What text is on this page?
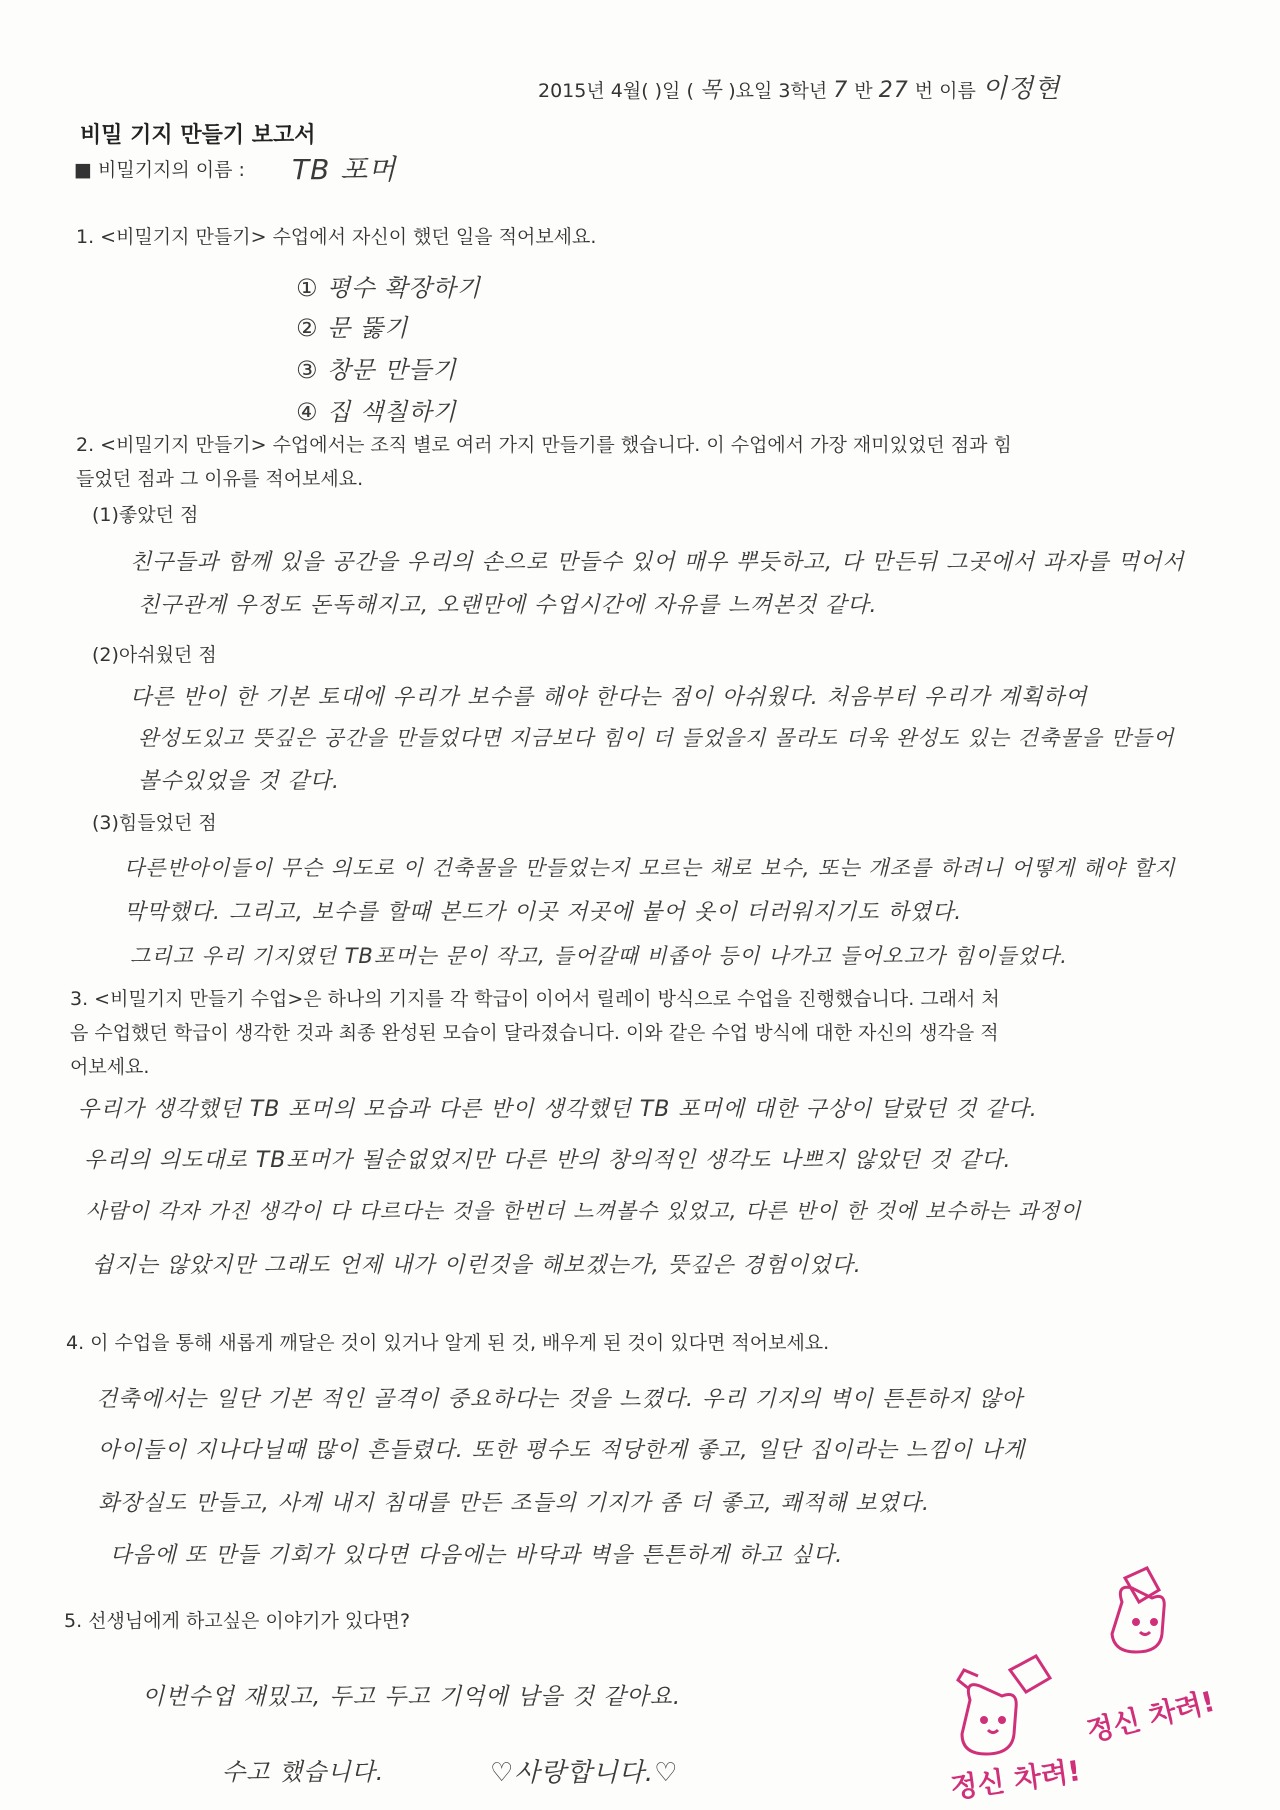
2015년 4월( )일 ( 목 )요일 3학년 7 반 27 번 이름 이정현
비밀 기지 만들기 보고서
■ 비밀기지의 이름 : TB 포머
1. <비밀기지 만들기> 수업에서 자신이 했던 일을 적어보세요.
① 평수 확장하기
② 문 뚫기
③ 창문 만들기
④ 집 색칠하기
2. <비밀기지 만들기> 수업에서는 조직 별로 여러 가지 만들기를 했습니다. 이 수업에서 가장 재미있었던 점과 힘
들었던 점과 그 이유를 적어보세요.
(1)좋았던 점
친구들과 함께 있을 공간을 우리의 손으로 만들수 있어 매우 뿌듯하고, 다 만든뒤 그곳에서 과자를 먹어서
친구관계 우정도 돈독해지고, 오랜만에 수업시간에 자유를 느껴본것 같다.
(2)아쉬웠던 점
다른 반이 한 기본 토대에 우리가 보수를 해야 한다는 점이 아쉬웠다. 처음부터 우리가 계획하여
완성도있고 뜻깊은 공간을 만들었다면 지금보다 힘이 더 들었을지 몰라도 더욱 완성도 있는 건축물을 만들어
볼수있었을 것 같다.
(3)힘들었던 점
다른반아이들이 무슨 의도로 이 건축물을 만들었는지 모르는 채로 보수, 또는 개조를 하려니 어떻게 해야 할지
막막했다. 그리고, 보수를 할때 본드가 이곳 저곳에 붙어 옷이 더러워지기도 하였다.
그리고 우리 기지였던 TB포머는 문이 작고, 들어갈때 비좁아 등이 나가고 들어오고가 힘이들었다.
3. <비밀기지 만들기 수업>은 하나의 기지를 각 학급이 이어서 릴레이 방식으로 수업을 진행했습니다. 그래서 처
음 수업했던 학급이 생각한 것과 최종 완성된 모습이 달라졌습니다. 이와 같은 수업 방식에 대한 자신의 생각을 적
어보세요.
우리가 생각했던 TB 포머의 모습과 다른 반이 생각했던 TB 포머에 대한 구상이 달랐던 것 같다.
우리의 의도대로 TB포머가 될순없었지만 다른 반의 창의적인 생각도 나쁘지 않았던 것 같다.
사람이 각자 가진 생각이 다 다르다는 것을 한번더 느껴볼수 있었고, 다른 반이 한 것에 보수하는 과정이
쉽지는 않았지만 그래도 언제 내가 이런것을 해보겠는가, 뜻깊은 경험이었다.
4. 이 수업을 통해 새롭게 깨달은 것이 있거나 알게 된 것, 배우게 된 것이 있다면 적어보세요.
건축에서는 일단 기본 적인 골격이 중요하다는 것을 느꼈다. 우리 기지의 벽이 튼튼하지 않아
아이들이 지나다닐때 많이 흔들렸다. 또한 평수도 적당한게 좋고, 일단 집이라는 느낌이 나게
화장실도 만들고, 사계 내지 침대를 만든 조들의 기지가 좀 더 좋고, 쾌적해 보였다.
다음에 또 만들 기회가 있다면 다음에는 바닥과 벽을 튼튼하게 하고 싶다.
5. 선생님에게 하고싶은 이야기가 있다면?
이번수업 재밌고, 두고 두고 기억에 남을 것 같아요.
수고 했습니다.	♡사랑합니다.♡
정신 차려!
정신 차려!
